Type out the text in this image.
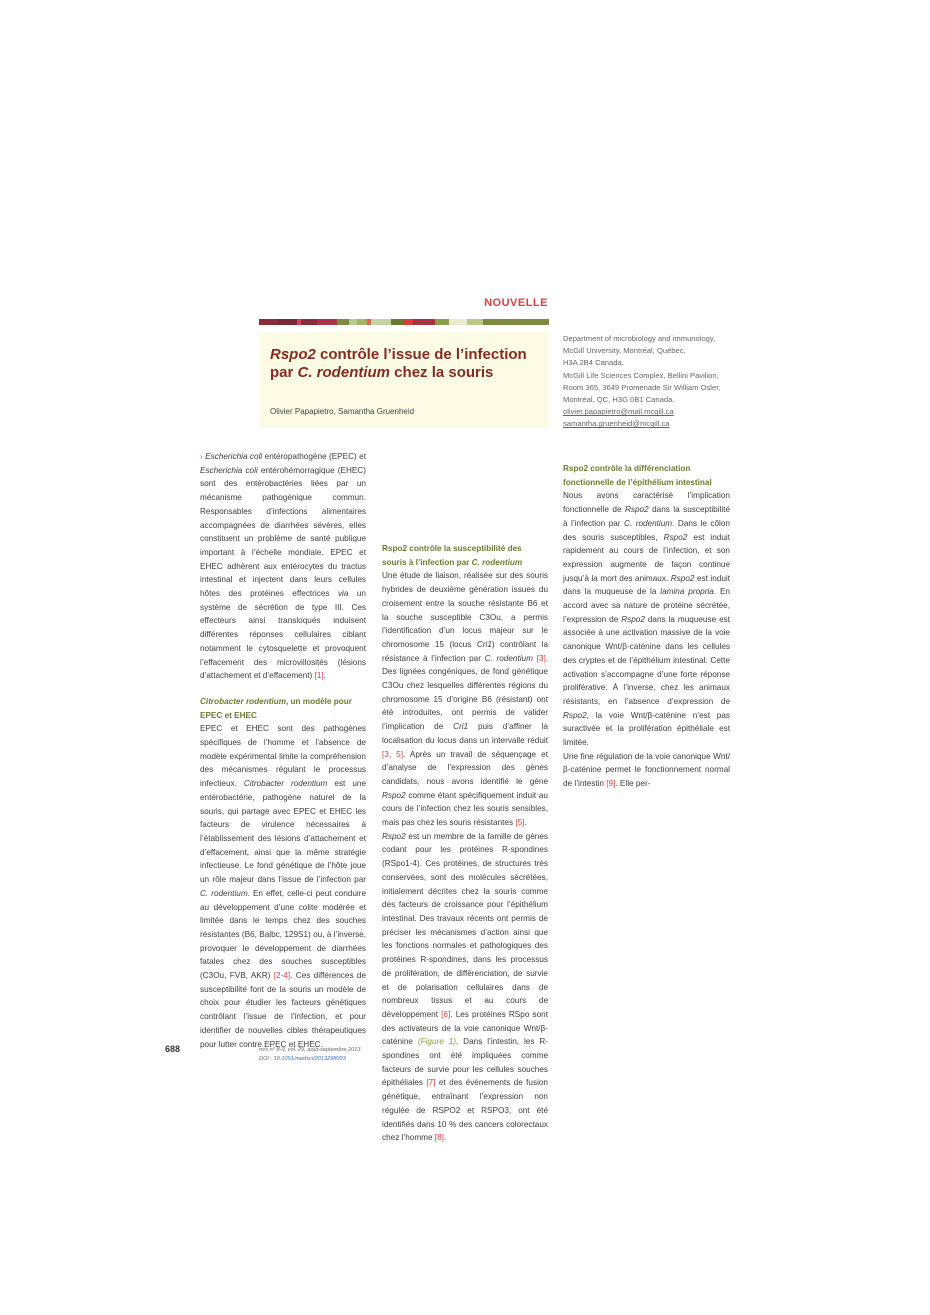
NOUVELLE
Rspo2 contrôle l’issue de l’infection par C. rodentium chez la souris
Olivier Papapietro, Samantha Gruenheid
Department of microbiology and immunology,
McGill University, Montréal, Québec,
H3A 2B4 Canada.
McGill Life Sciences Complex, Bellini Pavilion,
Room 365, 3649 Promenade Sir William Osler,
Montréal, QC, H3G 0B1 Canada.
olivier.papapietro@mail.mcgill.ca
samantha.gruenheid@mcgill.ca

› Escherichia coli entéropathogène (EPEC) et Escherichia coli entérohémorragique (EHEC) sont des entérobactéries liées par un mécanisme pathogénique commun. Responsables d’infections alimentaires accompagnées de diarrhées sévères, elles constituent un problème de santé publique important à l’échelle mondiale. EPEC et EHEC adhèrent aux entérocytes du tractus intestinal et injectent dans leurs cellules hôtes des protéines effectrices via un système de sécrétion de type III. Ces effecteurs ainsi transloqués induisent différentes réponses cellulaires ciblant notamment le cytosquelette et provoquent l’effacement des microvillosités (lésions d’attachement et d’effacement) [1].

Citrobacter rodentium, un modèle pour EPEC et EHEC

EPEC et EHEC sont des pathogènes spécifiques de l’homme et l’absence de modèle expérimental limite la compréhension des mécanismes régulant le processus infectieux. Citrobacter rodentium est une entérobactérie, pathogène naturel de la souris, qui partage avec EPEC et EHEC les facteurs de virulence nécessaires à l’établissement des lésions d’attachement et d’effacement, ainsi que la même stratégie infectieuse. Le fond génétique de l’hôte joue un rôle majeur dans l’issue de l’infection par C. rodentium. En effet, celle-ci peut conduire au développement d’une colite modérée et limitée dans le temps chez des souches résistantes (B6, Balbc, 129S1) ou, à l’inverse, provoquer le développement de diarrhées fatales chez des souches susceptibles (C3Ou, FVB, AKR) [2-4]. Ces différences de susceptibilité font de la souris un modèle de choix pour étudier les facteurs génétiques contrôlant l’issue de l’infection, et pour identifier de nouvelles cibles thérapeutiques pour lutter contre EPEC et EHEC.

Rspo2 contrôle la susceptibilité des souris à l’infection par C. rodentium

Une étude de liaison, réalisée sur des souris hybrides de deuxième génération issues du croisement entre la souche résistante B6 et la souche susceptible C3Ou, a permis l’identification d’un locus majeur sur le chromosome 15 (locus Cri1) contrôlant la résistance à l’infection par C. rodentium [3]. Des lignées congéniques, de fond génétique C3Ou chez lesquelles différentes régions du chromosome 15 d’origine B6 (résistant) ont été introduites, ont permis de valider l’implication de Cri1 puis d’affiner la localisation du locus dans un intervalle réduit [3, 5]. Après un travail de séquençage et d’analyse de l’expression des gènes candidats, nous avons identifié le gène Rspo2 comme étant spécifiquement induit au cours de l’infection chez les souris sensibles, mais pas chez les souris résistantes [5].

Rspo2 est un membre de la famille de gènes codant pour les protéines R-spondines (RSpo1-4). Ces protéines, de structures très conservées, sont des molécules sécrétées, initialement décrites chez la souris comme des facteurs de croissance pour l’épithélium intestinal. Des travaux récents ont permis de préciser les mécanismes d’action ainsi que les fonctions normales et pathologiques des protéines R-spondines, dans les processus de prolifération, de différenciation, de survie et de polarisation cellulaires dans de nombreux tissus et au cours de développement [6]. Les protéines RSpo sont des activateurs de la voie canonique Wnt/β-caténine (Figure 1). Dans l’intestin, les R-spondines ont été impliquées comme facteurs de survie pour les cellules souches épithéliales [7] et des événements de fusion génétique, entraînant l’expression non régulée de RSPO2 et RSPO3, ont été identifiés dans 10 % des cancers colorectaux chez l’homme [8].

Rspo2 contrôle la différenciation fonctionnelle de l’épithélium intestinal

Nous avons caractérisé l’implication fonctionnelle de Rspo2 dans la susceptibilité à l’infection par C. rodentium. Dans le côlon des souris susceptibles, Rspo2 est induit rapidement au cours de l’infection, et son expression augmente de façon continue jusqu’à la mort des animaux. Rspo2 est induit dans la muqueuse de la lamina propria. En accord avec sa nature de protéine sécrétée, l’expression de Rspo2 dans la muqueuse est associée à une activation massive de la voie canonique Wnt/β-caténine dans les cellules des cryptes et de l’épithélium intestinal. Cette activation s’accompagne d’une forte réponse proliférative. À l’inverse, chez les animaux résistants, en l’absence d’expression de Rspo2, la voie Wnt/β-caténine n’est pas suractivée et la prolifération épithéliale est limitée.

Une fine régulation de la voie canonique Wnt/β-caténine permet le fonctionnement normal de l’intestin [9]. Elle per-

688	m/s n° 8-9, vol. 29, août-septembre 2013
DOI : 10.1051/medsci/2013298003
